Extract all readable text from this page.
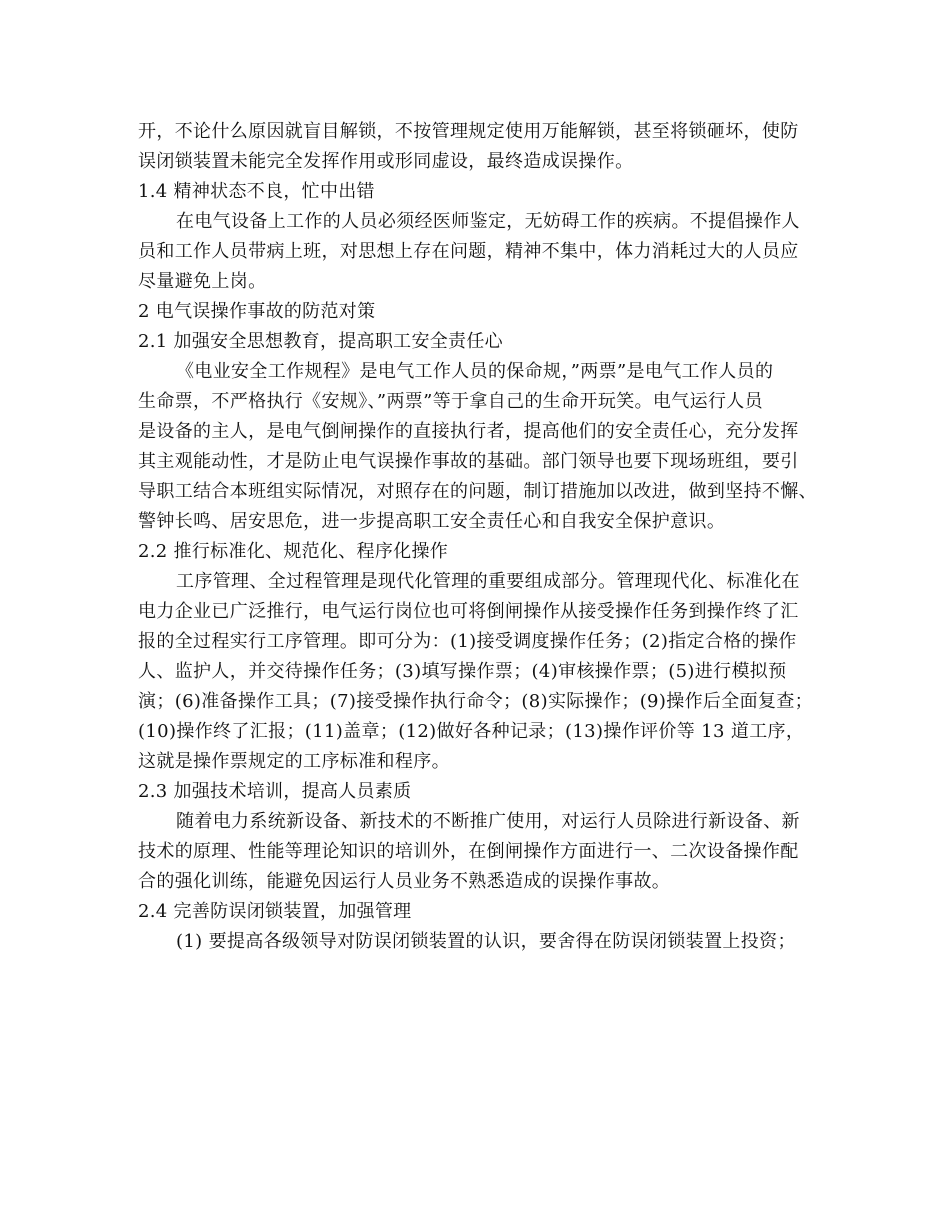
开，不论什么原因就盲目解锁，不按管理规定使用万能解锁，甚至将锁砸坏，使防
误闭锁装置未能完全发挥作用或形同虚设，最终造成误操作。
1.4 精神状态不良，忙中出错
在电气设备上工作的人员必须经医师鉴定，无妨碍工作的疾病。不提倡操作人
员和工作人员带病上班，对思想上存在问题，精神不集中，体力消耗过大的人员应
尽量避免上岗。
2 电气误操作事故的防范对策
2.1 加强安全思想教育，提高职工安全责任心
《电业安全工作规程》是电气工作人员的保命规，”两票”是电气工作人员的
生命票，不严格执行《安规》、”两票”等于拿自己的生命开玩笑。电气运行人员
是设备的主人，是电气倒闸操作的直接执行者，提高他们的安全责任心，充分发挥
其主观能动性，才是防止电气误操作事故的基础。部门领导也要下现场班组，要引
导职工结合本班组实际情况，对照存在的问题，制订措施加以改进，做到坚持不懈、
警钟长鸣、居安思危，进一步提高职工安全责任心和自我安全保护意识。
2.2 推行标准化、规范化、程序化操作
工序管理、全过程管理是现代化管理的重要组成部分。管理现代化、标准化在
电力企业已广泛推行，电气运行岗位也可将倒闸操作从接受操作任务到操作终了汇
报的全过程实行工序管理。即可分为：(1)接受调度操作任务；(2)指定合格的操作
人、监护人，并交待操作任务；(3)填写操作票；(4)审核操作票；(5)进行模拟预
演；(6)准备操作工具；(7)接受操作执行命令；(8)实际操作；(9)操作后全面复查；
(10)操作终了汇报；(11)盖章；(12)做好各种记录；(13)操作评价等 13 道工序，
这就是操作票规定的工序标准和程序。
2.3 加强技术培训，提高人员素质
随着电力系统新设备、新技术的不断推广使用，对运行人员除进行新设备、新
技术的原理、性能等理论知识的培训外，在倒闸操作方面进行一、二次设备操作配
合的强化训练，能避免因运行人员业务不熟悉造成的误操作事故。
2.4 完善防误闭锁装置，加强管理
(1) 要提高各级领导对防误闭锁装置的认识，要舍得在防误闭锁装置上投资；
